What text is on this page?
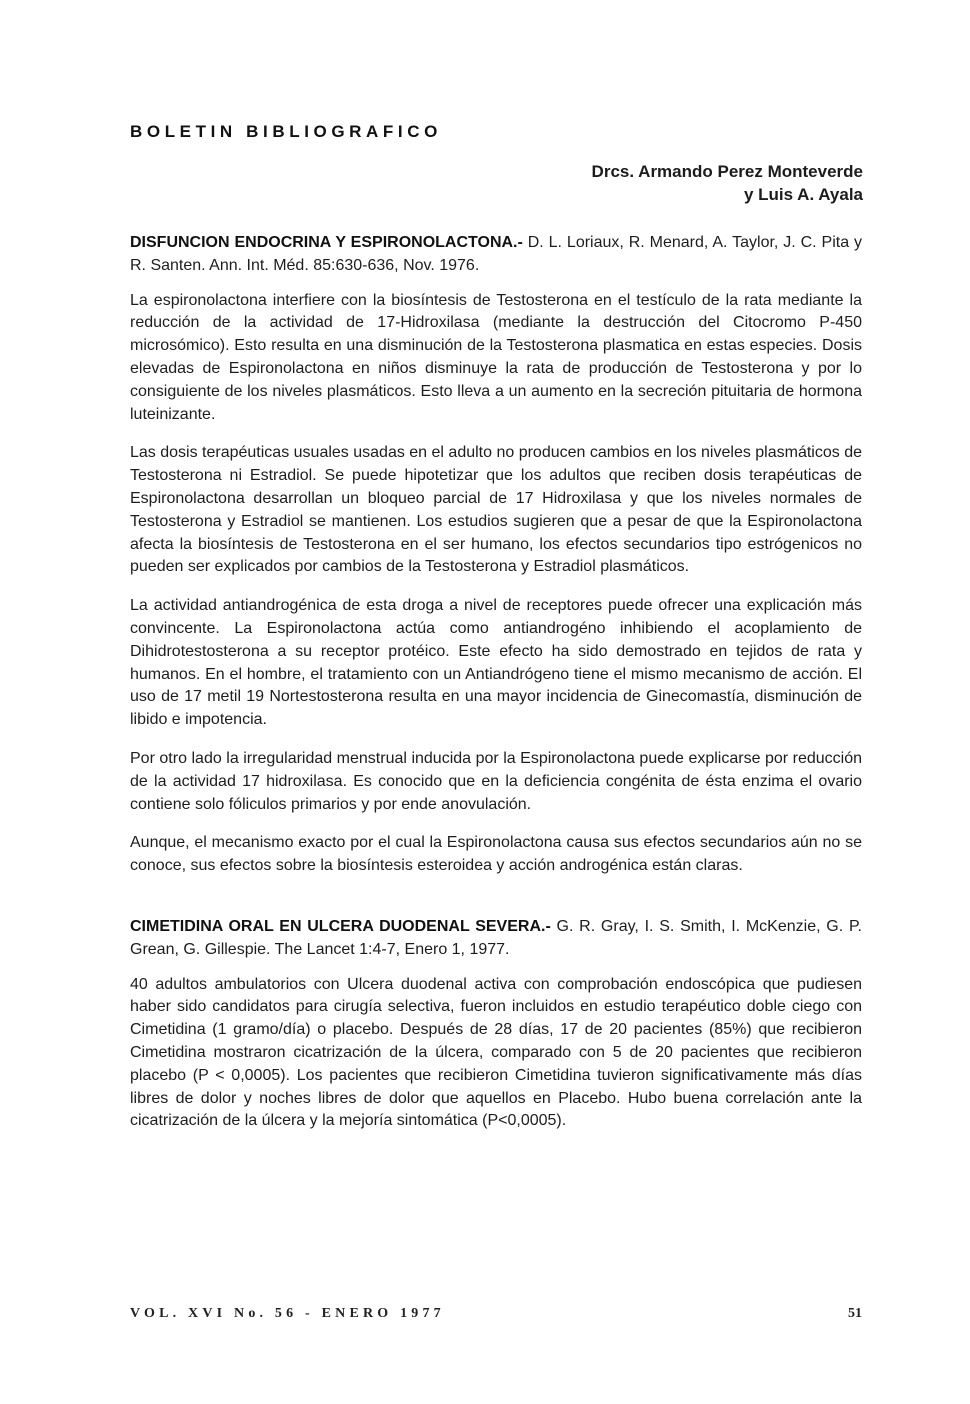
BOLETIN BIBLIOGRAFICO
Drcs. Armando Perez Monteverde
y Luis A. Ayala

DISFUNCION ENDOCRINA Y ESPIRONOLACTONA.- D. L. Loriaux, R. Menard, A. Taylor, J. C. Pita y R. Santen. Ann. Int. Méd. 85:630-636, Nov. 1976.

La espironolactona interfiere con la biosíntesis de Testosterona en el testículo de la rata mediante la reducción de la actividad de 17-Hidroxilasa (mediante la destrucción del Citocromo P-450 microsómico). Esto resulta en una disminución de la Testosterona plasmatica en estas especies. Dosis elevadas de Espironolactona en niños disminuye la rata de producción de Testosterona y por lo consiguiente de los niveles plasmáticos. Esto lleva a un aumento en la secreción pituitaria de hormona luteinizante.

Las dosis terapéuticas usuales usadas en el adulto no producen cambios en los niveles plasmáticos de Testosterona ni Estradiol. Se puede hipotetizar que los adultos que reciben dosis terapéuticas de Espironolactona desarrollan un bloqueo parcial de 17 Hidroxilasa y que los niveles normales de Testosterona y Estradiol se mantienen. Los estudios sugieren que a pesar de que la Espironolactona afecta la biosíntesis de Testosterona en el ser humano, los efectos secundarios tipo estrógenicos no pueden ser explicados por cambios de la Testosterona y Estradiol plasmáticos.

La actividad antiandrogénica de esta droga a nivel de receptores puede ofrecer una explicación más convincente. La Espironolactona actúa como antiandrogéno inhibiendo el acoplamiento de Dihidrotestosterona a su receptor protéico. Este efecto ha sido demostrado en tejidos de rata y humanos. En el hombre, el tratamiento con un Antiandrógeno tiene el mismo mecanismo de acción. El uso de 17 metil 19 Nortestosterona resulta en una mayor incidencia de Ginecomastía, disminución de libido e impotencia.

Por otro lado la irregularidad menstrual inducida por la Espironolactona puede explicarse por reducción de la actividad 17 hidroxilasa. Es conocido que en la deficiencia congénita de ésta enzima el ovario contiene solo fóliculos primarios y por ende anovulación.

Aunque, el mecanismo exacto por el cual la Espironolactona causa sus efectos secundarios aún no se conoce, sus efectos sobre la biosíntesis esteroidea y acción androgénica están claras.

CIMETIDINA ORAL EN ULCERA DUODENAL SEVERA.- G. R. Gray, I. S. Smith, I. McKenzie, G. P. Grean, G. Gillespie. The Lancet 1:4-7, Enero 1, 1977.

40 adultos ambulatorios con Ulcera duodenal activa con comprobación endoscópica que pudiesen haber sido candidatos para cirugía selectiva, fueron incluidos en estudio terapéutico doble ciego con Cimetidina (1 gramo/día) o placebo. Después de 28 días, 17 de 20 pacientes (85%) que recibieron Cimetidina mostraron cicatrización de la úlcera, comparado con 5 de 20 pacientes que recibieron placebo (P < 0,0005). Los pacientes que recibieron Cimetidina tuvieron significativamente más días libres de dolor y noches libres de dolor que aquellos en Placebo. Hubo buena correlación ante la cicatrización de la úlcera y la mejoría sintomática (P<0,0005).

VOL. XVI No. 56 - ENERO 1977	51
